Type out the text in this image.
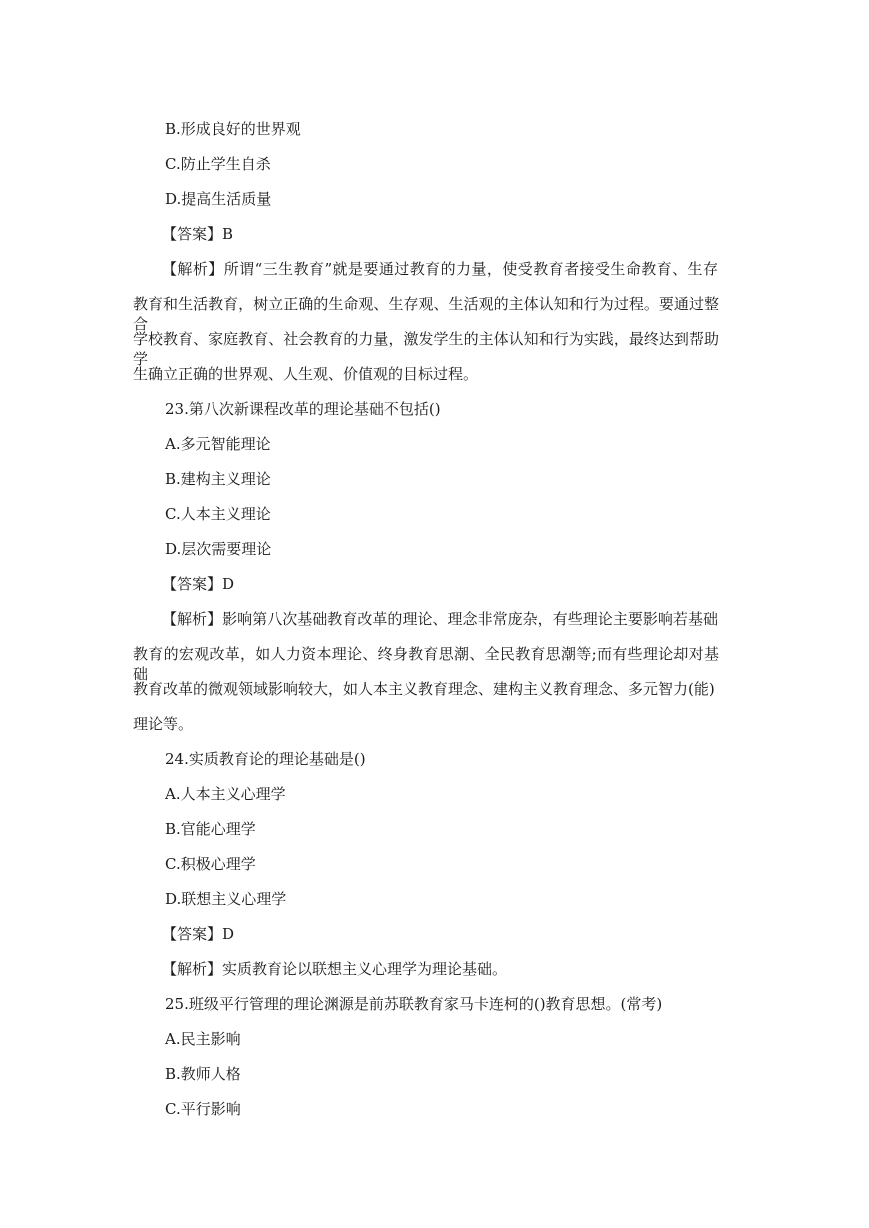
B.形成良好的世界观
C.防止学生自杀
D.提高生活质量
【答案】B
【解析】所谓“三生教育”就是要通过教育的力量，使受教育者接受生命教育、生存
教育和生活教育，树立正确的生命观、生存观、生活观的主体认知和行为过程。要通过整合
学校教育、家庭教育、社会教育的力量，激发学生的主体认知和行为实践，最终达到帮助学
生确立正确的世界观、人生观、价值观的目标过程。
23.第八次新课程改革的理论基础不包括()
A.多元智能理论
B.建构主义理论
C.人本主义理论
D.层次需要理论
【答案】D
【解析】影响第八次基础教育改革的理论、理念非常庞杂，有些理论主要影响若基础
教育的宏观改革，如人力资本理论、终身教育思潮、全民教育思潮等;而有些理论却对基础
教育改革的微观领域影响较大，如人本主义教育理念、建构主义教育理念、多元智力(能)
理论等。
24.实质教育论的理论基础是()
A.人本主义心理学
B.官能心理学
C.积极心理学
D.联想主义心理学
【答案】D
【解析】实质教育论以联想主义心理学为理论基础。
25.班级平行管理的理论渊源是前苏联教育家马卡连柯的()教育思想。(常考)
A.民主影响
B.教师人格
C.平行影响
